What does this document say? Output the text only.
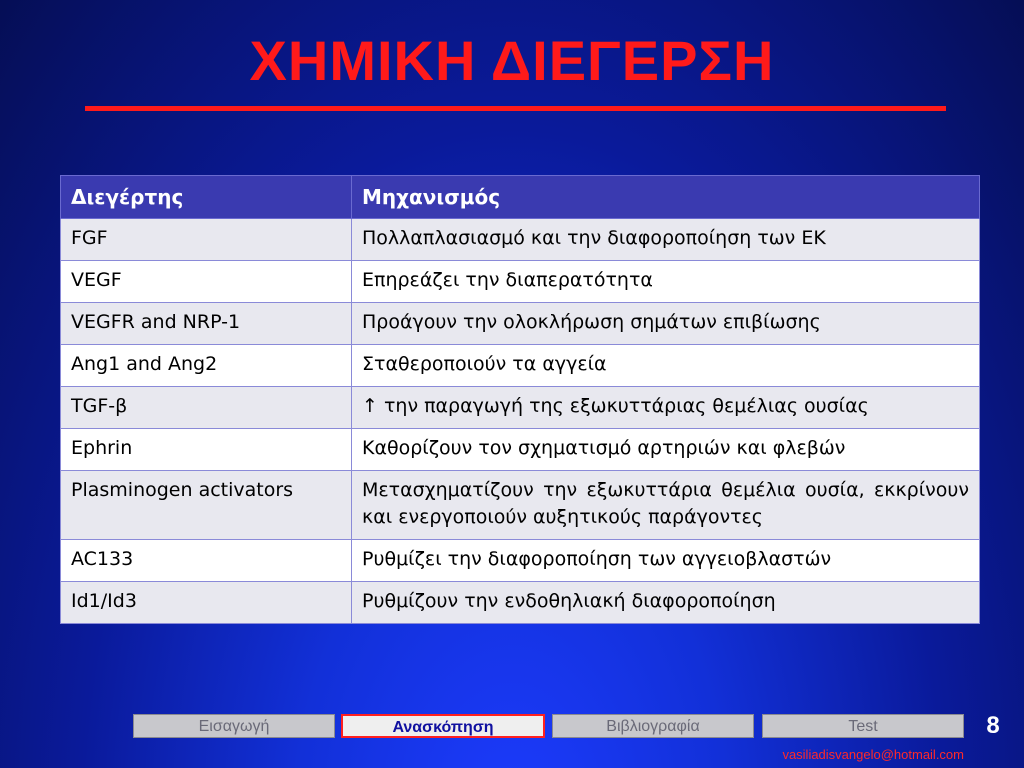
ΧΗΜΙΚΗ ΔΙΕΓΕΡΣΗ
Διεγέρτης	Μηχανισμός
FGF	Πολλαπλασιασμό και την διαφοροποίηση των ΕΚ
VEGF	Επηρεάζει την διαπερατότητα
VEGFR and NRP-1	Προάγουν την ολοκλήρωση σημάτων επιβίωσης
Ang1 and Ang2	Σταθεροποιούν τα αγγεία
TGF-β	↑ την παραγωγή της εξωκυττάριας θεμέλιας ουσίας
Ephrin	Καθορίζουν τον σχηματισμό αρτηριών και φλεβών
Plasminogen activators	Μετασχηματίζουν την εξωκυττάρια θεμέλια ουσία, εκκρίνουν και ενεργοποιούν αυξητικούς παράγοντες
AC133	Ρυθμίζει την διαφοροποίηση των αγγειοβλαστών
Id1/Id3	Ρυθμίζουν την ενδοθηλιακή διαφοροποίηση
Εισαγωγή	Ανασκόπηση	Βιβλιογραφία	Test	8
vasiliadisvangelo@hotmail.com
